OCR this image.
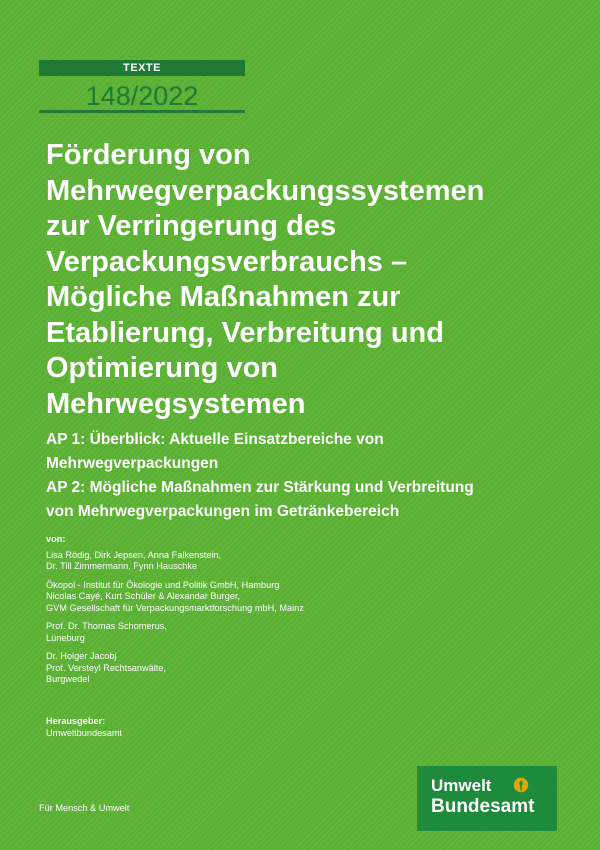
TEXTE
148/2022
Förderung von
Mehrwegverpackungssystemen
zur Verringerung des
Verpackungsverbrauchs –
Mögliche Maßnahmen zur
Etablierung, Verbreitung und
Optimierung von
Mehrwegsystemen

AP 1: Überblick: Aktuelle Einsatzbereiche von

Mehrwegverpackungen

AP 2: Mögliche Maßnahmen zur Stärkung und Verbreitung

von Mehrwegverpackungen im Getränkebereich

von:
Lisa Rödig, Dirk Jepsen, Anna Falkenstein,
Dr. Till Zimmermann, Fynn Hauschke
Ökopol - Institut für Ökologie und Politik GmbH, Hamburg
Nicolas Cayé, Kurt Schüler & Alexandar Burger,
GVM Gesellschaft für Verpackungsmarktforschung mbH, Mainz
Prof. Dr. Thomas Schomerus,
Lüneburg
Dr. Holger Jacobj
Prof. Versteyl Rechtsanwälte,
Burgwedel
Herausgeber:
Umweltbundesamt
Für Mensch & Umwelt
Umwelt
Bundesamt
